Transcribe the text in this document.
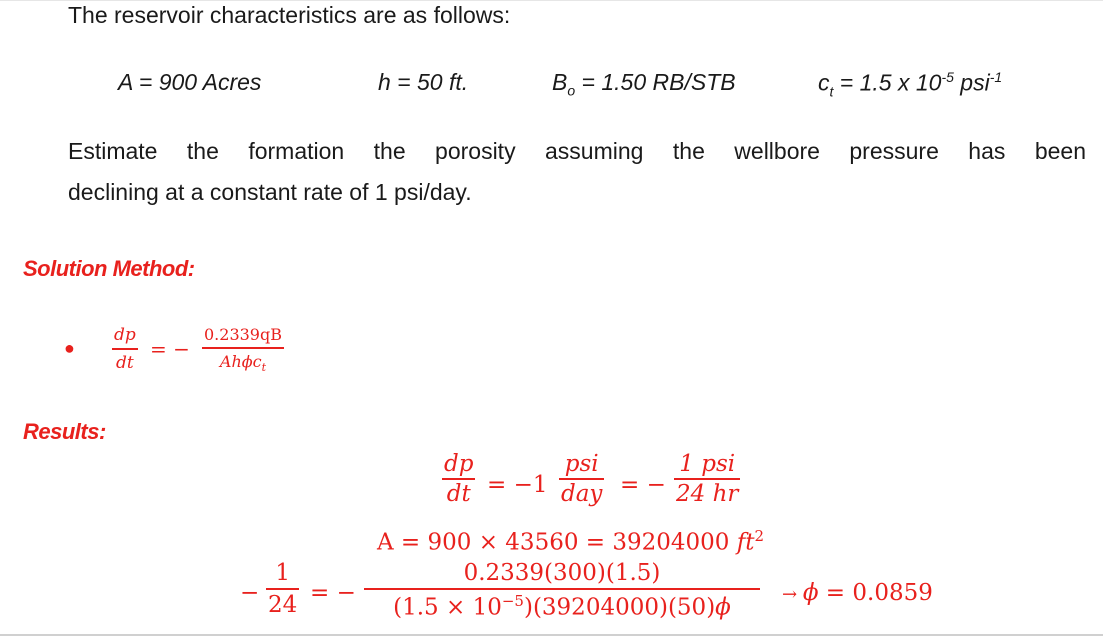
The reservoir characteristics are as follows:
A = 900 Acres	h = 50 ft.	$B_o = 1.50$ RB/STB	$c_t = 1.5$ x $10^{-5}$ psi$^{-1}$
Estimate the formation the porosity assuming the wellbore pressure has been
declining at a constant rate of 1 psi/day.
Solution Method:
●
dp
dt
= −
0.2339qB
Ahϕc$_t$
Results:
dp
dt = −1
psi
day = −
1 psi
24 hr
A = 900 × 43560 = 39204000 $ft^2$
−
1
24 = −
0.2339(300)(1.5)
$(1.5 \times 10^{-5})(39204000)(50)\phi$
→ ϕ = 0.0859
